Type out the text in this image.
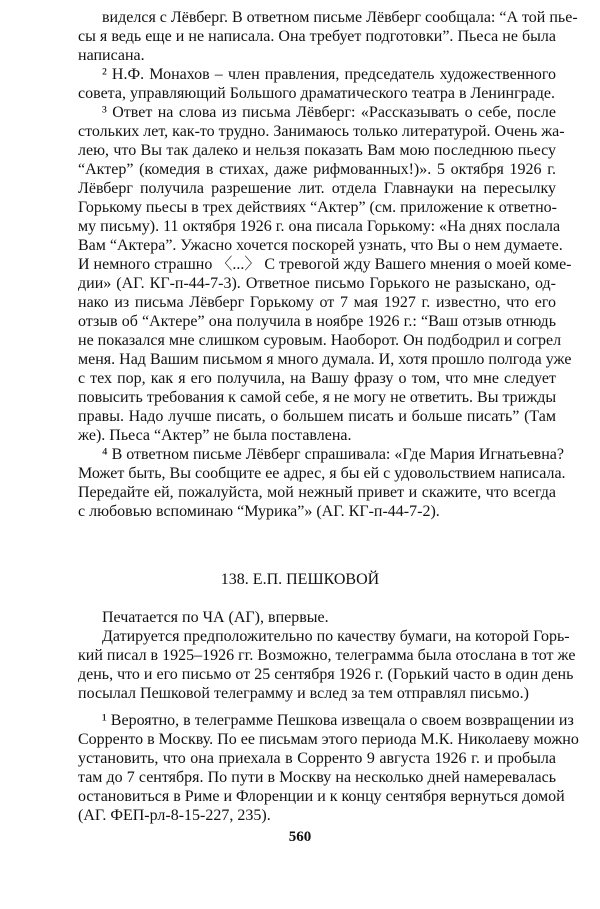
виделся с Лёвберг. В ответном письме Лёвберг сообщала: “А той пье-
сы я ведь еще и не написала. Она требует подготовки”. Пьеса не была
написана.
² Н.Ф. Монахов – член правления, председатель художественного
совета, управляющий Большого драматического театра в Ленинграде.
³ Ответ на слова из письма Лёвберг: «Рассказывать о себе, после
стольких лет, как-то трудно. Занимаюсь только литературой. Очень жа-
лею, что Вы так далеко и нельзя показать Вам мою последнюю пьесу
“Актер” (комедия в стихах, даже рифмованных!)». 5 октября 1926 г.
Лёвберг получила разрешение лит. отдела Главнауки на пересылку
Горькому пьесы в трех действиях “Актер” (см. приложение к ответно-
му письму). 11 октября 1926 г. она писала Горькому: «На днях послала
Вам “Актера”. Ужасно хочется поскорей узнать, что Вы о нем думаете.
И немного страшно 〈...〉 С тревогой жду Вашего мнения о моей коме-
дии» (АГ. КГ-п-44-7-3). Ответное письмо Горького не разыскано, од-
нако из письма Лёвберг Горькому от 7 мая 1927 г. известно, что его
отзыв об “Актере” она получила в ноябре 1926 г.: “Ваш отзыв отнюдь
не показался мне слишком суровым. Наоборот. Он подбодрил и согрел
меня. Над Вашим письмом я много думала. И, хотя прошло полгода уже
с тех пор, как я его получила, на Вашу фразу о том, что мне следует
повысить требования к самой себе, я не могу не ответить. Вы трижды
правы. Надо лучше писать, о большем писать и больше писать” (Там
же). Пьеса “Актер” не была поставлена.
⁴ В ответном письме Лёвберг спрашивала: «Где Мария Игнатьевна?
Может быть, Вы сообщите ее адрес, я бы ей с удовольствием написала.
Передайте ей, пожалуйста, мой нежный привет и скажите, что всегда
с любовью вспоминаю “Мурика”» (АГ. КГ-п-44-7-2).
138. Е.П. ПЕШКОВОЙ
Печатается по ЧА (АГ), впервые.
Датируется предположительно по качеству бумаги, на которой Горь-
кий писал в 1925–1926 гг. Возможно, телеграмма была отослана в тот же
день, что и его письмо от 25 сентября 1926 г. (Горький часто в один день
посылал Пешковой телеграмму и вслед за тем отправлял письмо.)
¹ Вероятно, в телеграмме Пешкова извещала о своем возвращении из
Сорренто в Москву. По ее письмам этого периода М.К. Николаеву можно
установить, что она приехала в Сорренто 9 августа 1926 г. и пробыла
там до 7 сентября. По пути в Москву на несколько дней намеревалась
остановиться в Риме и Флоренции и к концу сентября вернуться домой
(АГ. ФЕП-рл-8-15-227, 235).
560
